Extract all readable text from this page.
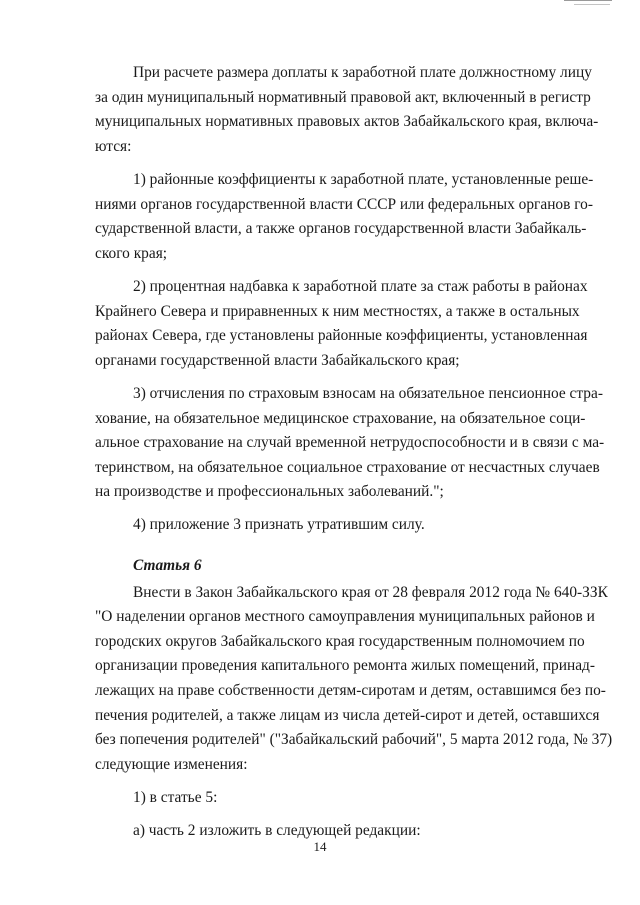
При расчете размера доплаты к заработной плате должностному лицу
за один муниципальный нормативный правовой акт, включенный в регистр
муниципальных нормативных правовых актов Забайкальского края, включа-
ются:

1) районные коэффициенты к заработной плате, установленные реше-
ниями органов государственной власти СССР или федеральных органов го-
сударственной власти, а также органов государственной власти Забайкаль-
ского края;

2) процентная надбавка к заработной плате за стаж работы в районах
Крайнего Севера и приравненных к ним местностях, а также в остальных
районах Севера, где установлены районные коэффициенты, установленная
органами государственной власти Забайкальского края;

3) отчисления по страховым взносам на обязательное пенсионное стра-
хование, на обязательное медицинское страхование, на обязательное соци-
альное страхование на случай временной нетрудоспособности и в связи с ма-
теринством, на обязательное социальное страхование от несчастных случаев
на производстве и профессиональных заболеваний.";

4) приложение 3 признать утратившим силу.

Статья 6

Внести в Закон Забайкальского края от 28 февраля 2012 года № 640-ЗЗК
"О наделении органов местного самоуправления муниципальных районов и
городских округов Забайкальского края государственным полномочием по
организации проведения капитального ремонта жилых помещений, принад-
лежащих на праве собственности детям-сиротам и детям, оставшимся без по-
печения родителей, а также лицам из числа детей-сирот и детей, оставшихся
без попечения родителей" ("Забайкальский рабочий", 5 марта 2012 года, № 37)
следующие изменения:

1) в статье 5:

а) часть 2 изложить в следующей редакции:

14
